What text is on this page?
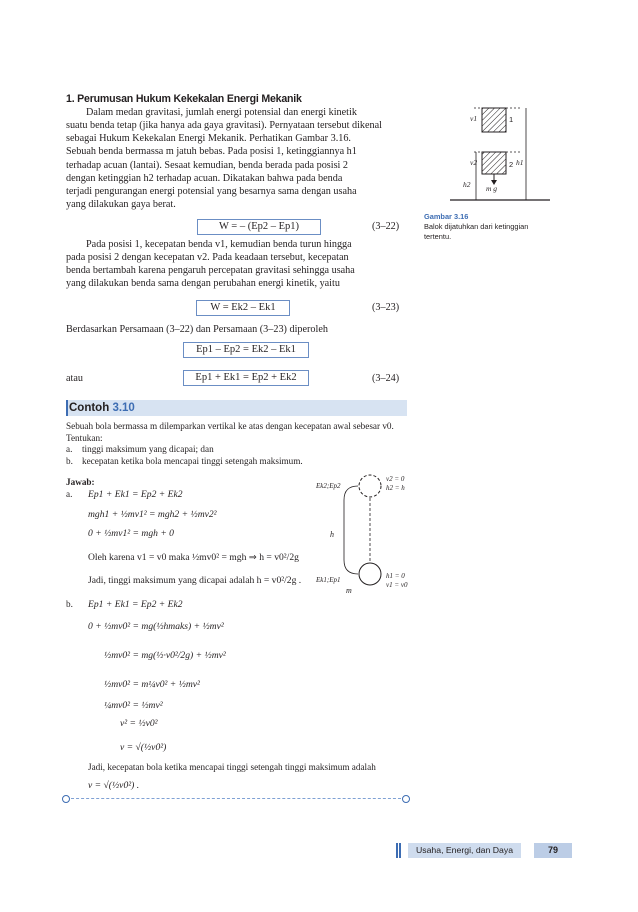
1. Perumusan Hukum Kekekalan Energi Mekanik
Dalam medan gravitasi, jumlah energi potensial dan energi kinetik
suatu benda tetap (jika hanya ada gaya gravitasi). Pernyataan tersebut dikenal
sebagai Hukum Kekekalan Energi Mekanik. Perhatikan Gambar 3.16.
Sebuah benda bermassa m jatuh bebas. Pada posisi 1, ketinggiannya h1
terhadap acuan (lantai). Sesaat kemudian, benda berada pada posisi 2
dengan ketinggian h2 terhadap acuan. Dikatakan bahwa pada benda
terjadi pengurangan energi potensial yang besarnya sama dengan usaha
yang dilakukan gaya berat.
W = – (Ep2 – Ep1)	(3–22)
Pada posisi 1, kecepatan benda v1, kemudian benda turun hingga
pada posisi 2 dengan kecepatan v2. Pada keadaan tersebut, kecepatan
benda bertambah karena pengaruh percepatan gravitasi sehingga usaha
yang dilakukan benda sama dengan perubahan energi kinetik, yaitu
W = Ek2 – Ek1	(3–23)
Berdasarkan Persamaan (3–22) dan Persamaan (3–23) diperoleh
Ep1 – Ep2 = Ek2 – Ek1
atau	Ep1 + Ek1 = Ep2 + Ek2	(3–24)
v1
v2
1
2 h1
h2 m g
Gambar 3.16
Balok dijatuhkan dari ketinggian
tertentu.
Contoh 3.10
Sebuah bola bermassa m dilemparkan vertikal ke atas dengan kecepatan awal sebesar v0.
Tentukan:
a.	tinggi maksimum yang dicapai; dan
b. kecepatan ketika bola mencapai tinggi setengah maksimum.
Jawab:
a. Ep1 + Ek1 = Ep2 + Ek2
mgh1 + ½mv1² = mgh2 + ½mv2²
0 + ½mv1² = mgh + 0
Oleh karena v1 = v0 maka ½mv0² = mgh ⇒ h = v0²/2g
Jadi, tinggi maksimum yang dicapai adalah h = v0²/2g .
b. Ep1 + Ek1 = Ep2 + Ek2
0 + ½mv0² = mg(½hmaks) + ½mv²
½mv0² = mg(½·v0²/2g) + ½mv²
½mv0² = m¼v0² + ½mv²
¼mv0² = ½mv²
v² = ½v0²
v = √(½v0²)
Jadi, kecepatan bola ketika mencapai tinggi setengah tinggi maksimum adalah
v = √(½v0²) .
Ek2;Ep2
Ek1;Ep1
v2 = 0
h2 = h
h1 = 0
v1 = v0
h
m
Usaha, Energi, dan Daya	79
